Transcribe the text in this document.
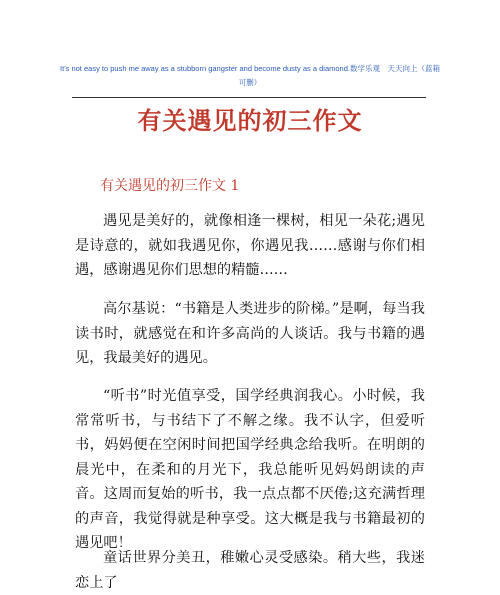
It's not easy to push me away as a stubborn gangster and become dusty as a diamond.数学乐观　天天向上（蓝箱可删）
有关遇见的初三作文
有关遇见的初三作文 1
遇见是美好的，就像相逢一棵树，相见一朵花;遇见是诗意的，就如我遇见你，你遇见我……感谢与你们相遇，感谢遇见你们思想的精髓……
高尔基说：“书籍是人类进步的阶梯。”是啊，每当我读书时，就感觉在和许多高尚的人谈话。我与书籍的遇见，我最美好的遇见。
“听书”时光值享受，国学经典润我心。小时候，我常常听书，与书结下了不解之缘。我不认字，但爱听书，妈妈便在空闲时间把国学经典念给我听。在明朗的晨光中，在柔和的月光下，我总能听见妈妈朗读的声音。这周而复始的听书，我一点点都不厌倦;这充满哲理的声音，我觉得就是种享受。这大概是我与书籍最初的遇见吧！
童话世界分美丑，稚嫩心灵受感染。稍大些，我迷恋上了
